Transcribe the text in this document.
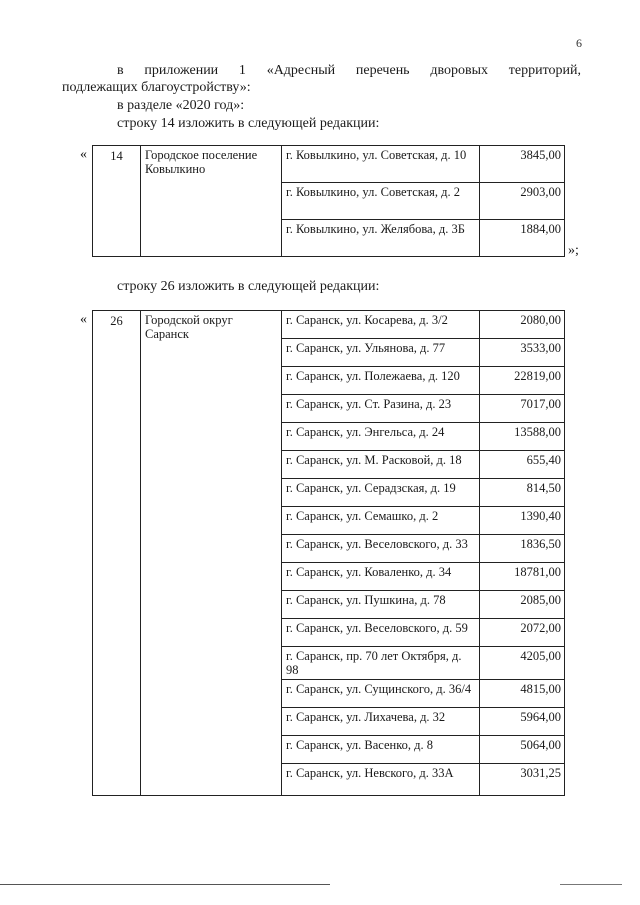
6
в приложении 1 «Адресный перечень дворовых территорий,
подлежащих благоустройству»:
в разделе «2020 год»:
строку 14 изложить в следующей редакции:
« 14	Городское поселение Ковылкино	г. Ковылкино, ул. Советская, д. 10	3845,00
		г. Ковылкино, ул. Советская, д. 2	2903,00
		г. Ковылкино, ул. Желябова, д. 3Б	1884,00
»;
строку 26 изложить в следующей редакции:
« 26	Городской округ Саранск	г. Саранск, ул. Косарева, д. 3/2	2080,00
		г. Саранск, ул. Ульянова, д. 77	3533,00
		г. Саранск, ул. Полежаева, д. 120	22819,00
		г. Саранск, ул. Ст. Разина, д. 23	7017,00
		г. Саранск, ул. Энгельса, д. 24	13588,00
		г. Саранск, ул. М. Расковой, д. 18	655,40
		г. Саранск, ул. Серадзская, д. 19	814,50
		г. Саранск, ул. Семашко, д. 2	1390,40
		г. Саранск, ул. Веселовского, д. 33	1836,50
		г. Саранск, ул. Коваленко, д. 34	18781,00
		г. Саранск, ул. Пушкина, д. 78	2085,00
		г. Саранск, ул. Веселовского, д. 59	2072,00
		г. Саранск, пр. 70 лет Октября, д. 98	4205,00
		г. Саранск, ул. Сущинского, д. 36/4	4815,00
		г. Саранск, ул. Лихачева, д. 32	5964,00
		г. Саранск, ул. Васенко, д. 8	5064,00
		г. Саранск, ул. Невского, д. 33А	3031,25
